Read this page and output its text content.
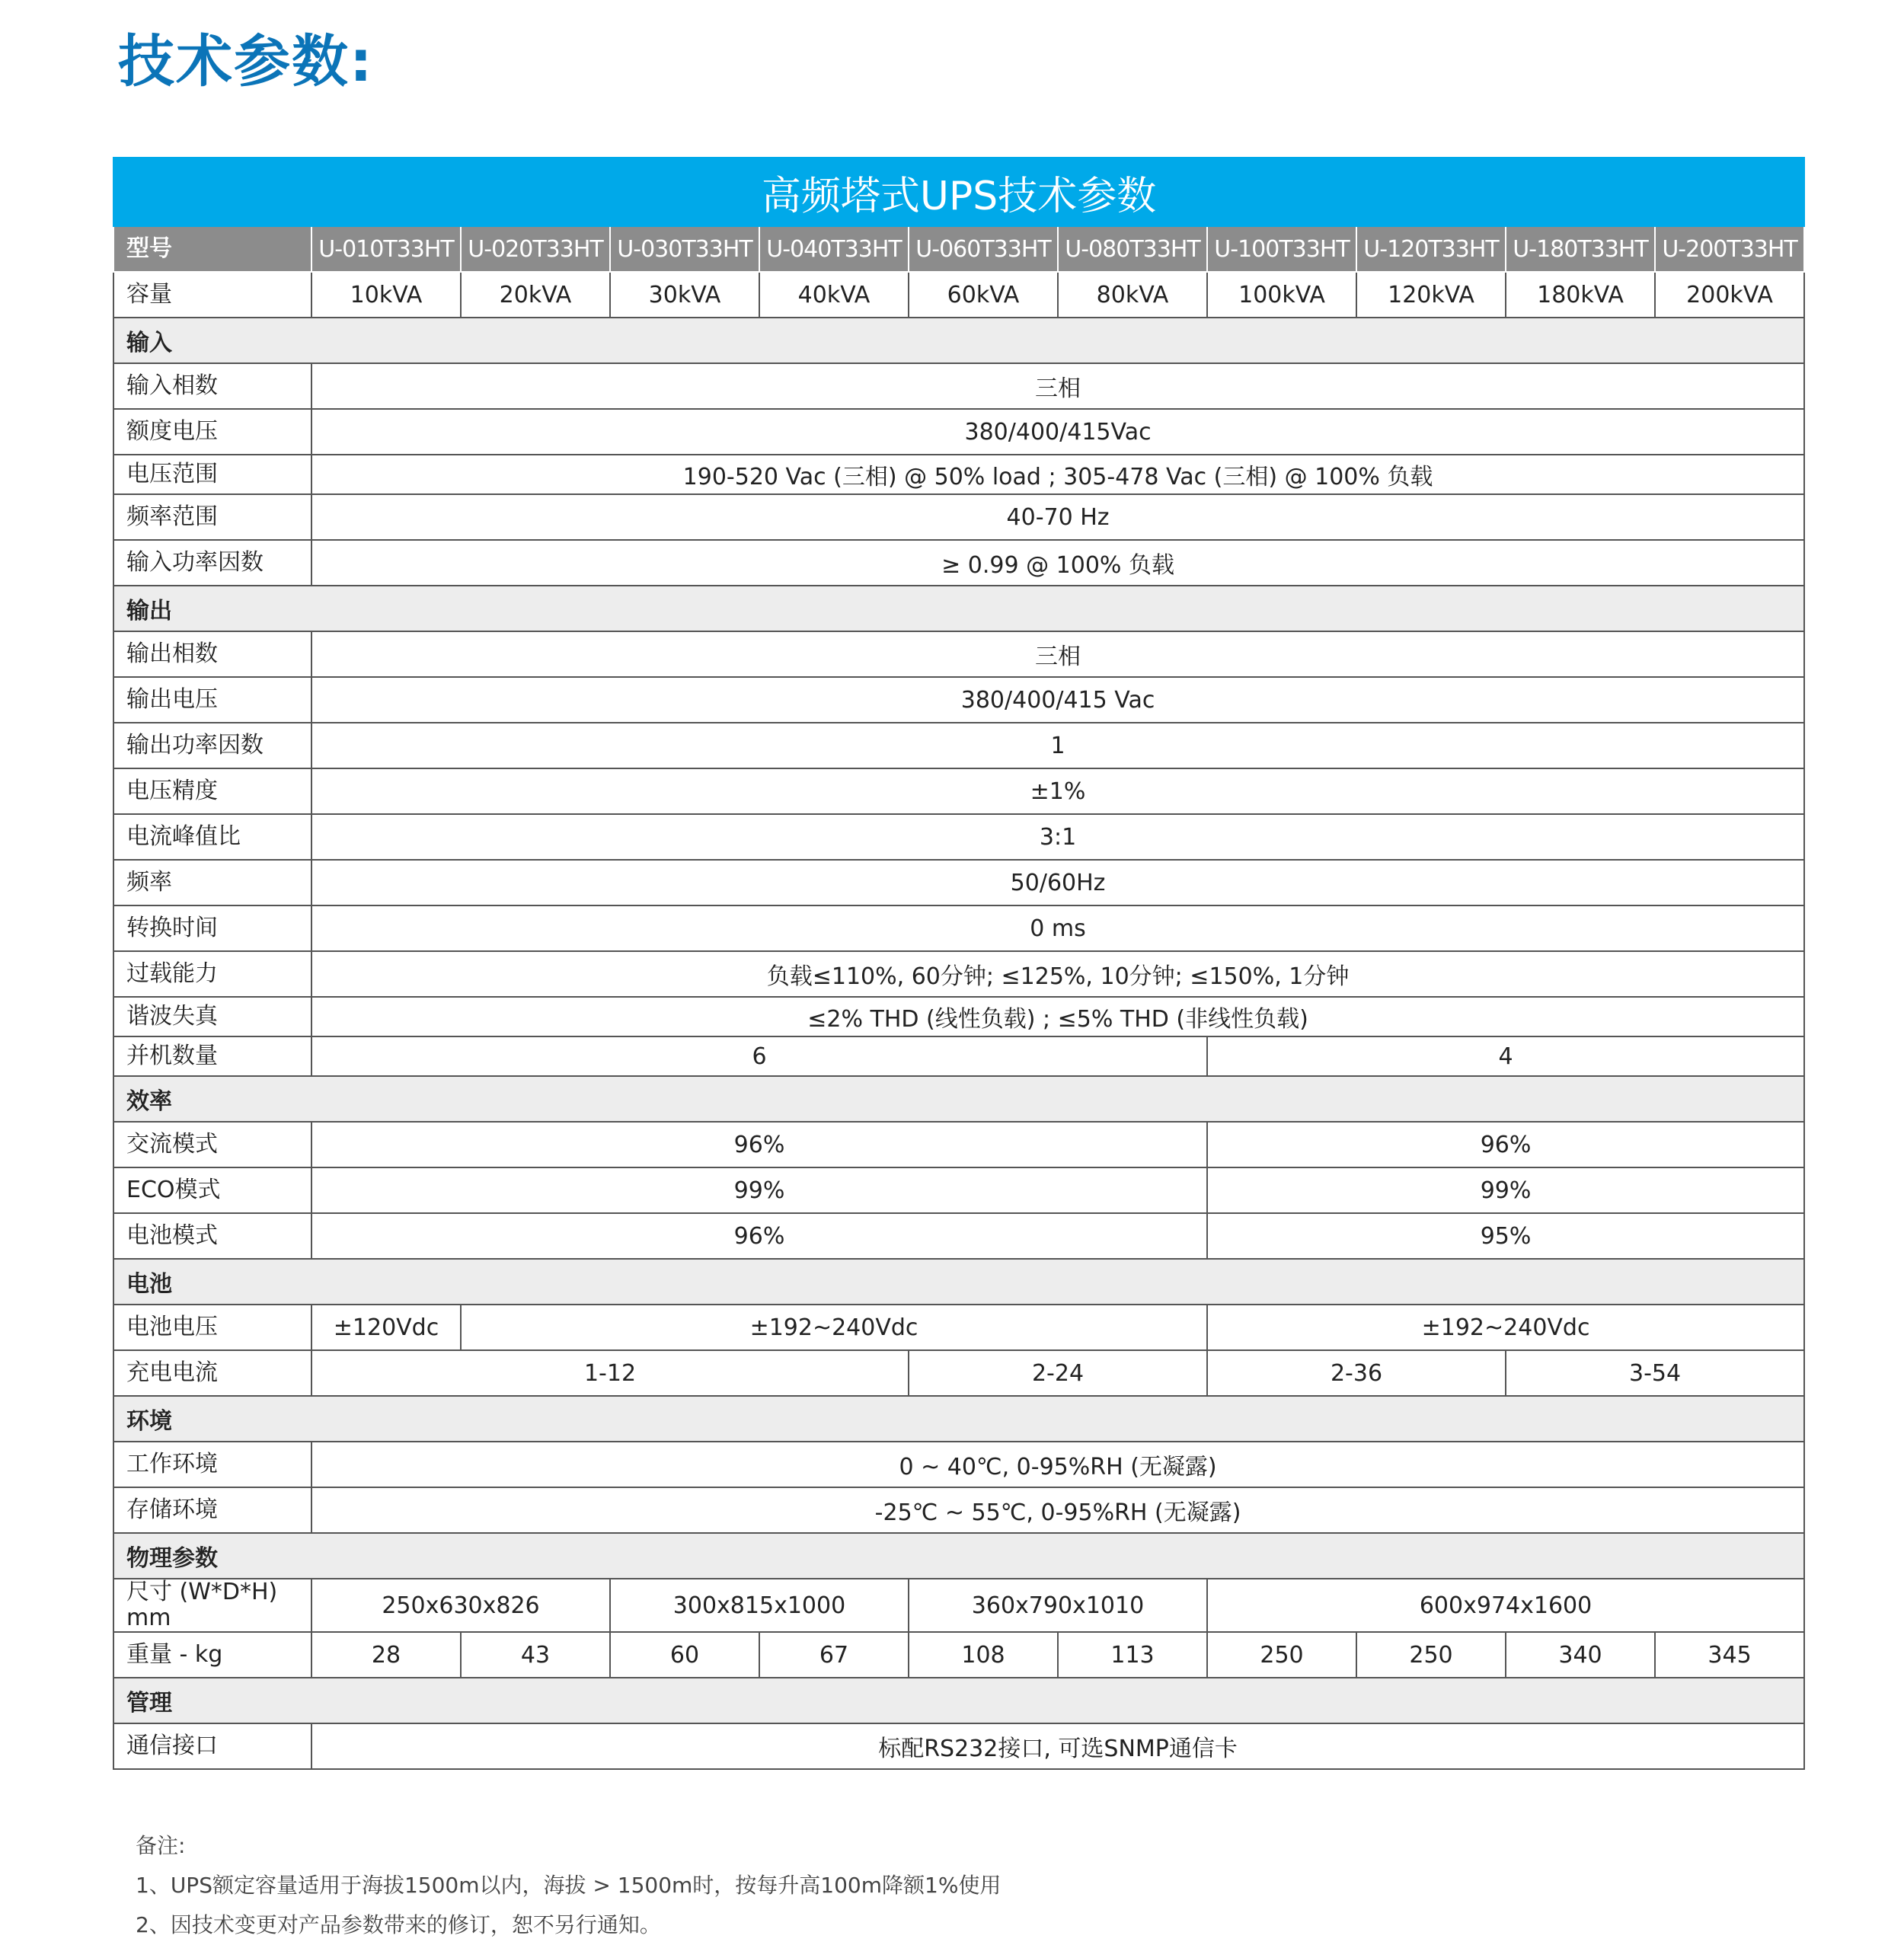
技术参数:
高频塔式UPS技术参数										
型号	U-010T33HT	U-020T33HT	U-030T33HT	U-040T33HT	U-060T33HT	U-080T33HT	U-100T33HT	U-120T33HT	U-180T33HT	U-200T33HT
容量	10kVA	20kVA	30kVA	40kVA	60kVA	80kVA	100kVA	120kVA	180kVA	200kVA
输入										
输入相数	三相									
额度电压	380/400/415Vac									
电压范围	190-520 Vac (三相) @ 50% load ; 305-478 Vac (三相) @ 100% 负载									
频率范围	40-70 Hz									
输入功率因数	≥ 0.99 @ 100% 负载									
输出										
输出相数	三相									
输出电压	380/400/415 Vac									
输出功率因数	1									
电压精度	±1%									
电流峰值比	3:1									
频率	50/60Hz									
转换时间	0 ms									
过载能力	负载≤110%, 60分钟; ≤125%, 10分钟; ≤150%, 1分钟									
谐波失真	≤2% THD (线性负载) ; ≤5% THD (非线性负载)									
并机数量	6						4			
效率										
交流模式	96%						96%			
ECO模式	99%						99%			
电池模式	96%						95%			
电池										
电池电压	±120Vdc	±192~240Vdc					±192~240Vdc			
充电电流	1-12				2-24		2-36		3-54	
环境										
工作环境	0 ~ 40℃, 0-95%RH (无凝露)									
存储环境	-25℃ ~ 55℃, 0-95%RH (无凝露)									
物理参数										
尺寸 (W*D*H) mm	250x630x826		300x815x1000		360x790x1010		600x974x1600			
重量 - kg	28	43	60	67	108	113	250	250	340	345
管理										
通信接口	标配RS232接口, 可选SNMP通信卡									
备注:
1、UPS额定容量适用于海拔1500m以内，海拔 > 1500m时，按每升高100m降额1%使用
2、因技术变更对产品参数带来的修订，恕不另行通知。
